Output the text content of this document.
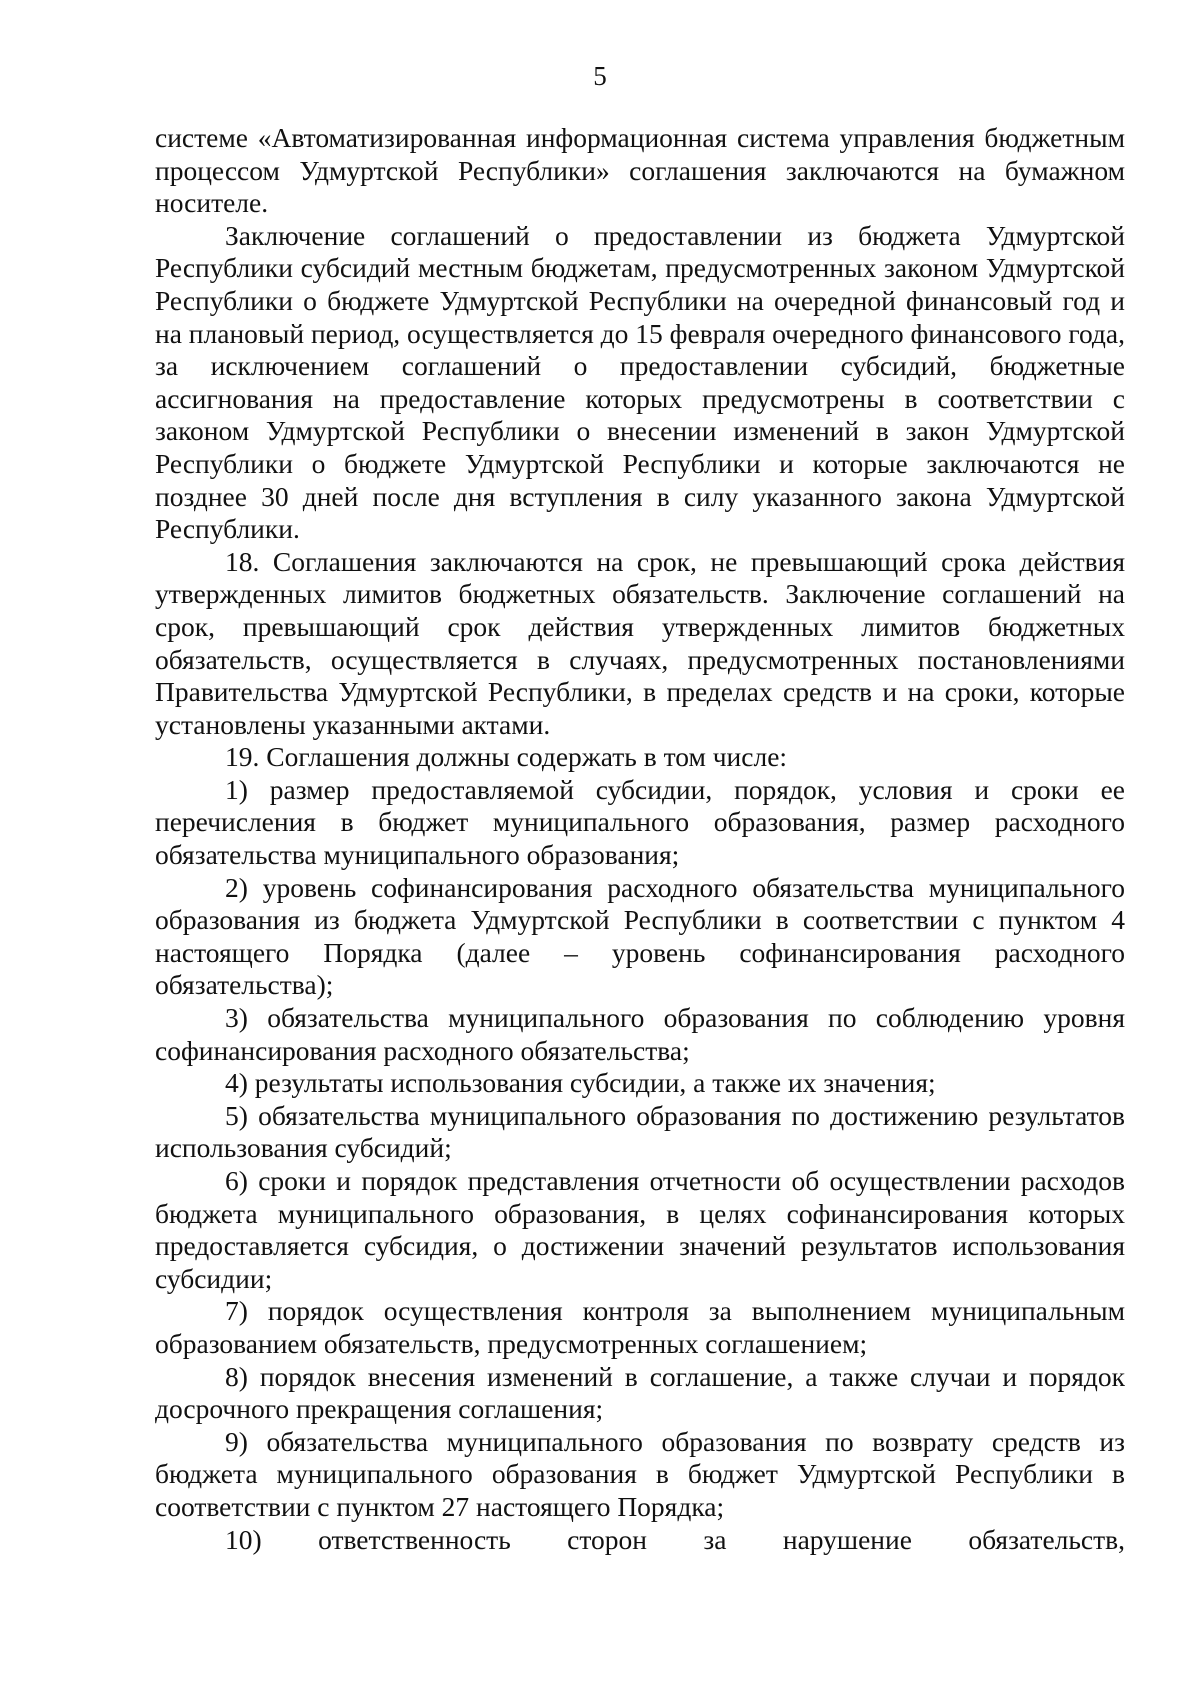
5

системе «Автоматизированная информационная система управления бюджетным процессом Удмуртской Республики» соглашения заключаются на бумажном носителе.

Заключение соглашений о предоставлении из бюджета Удмуртской Республики субсидий местным бюджетам, предусмотренных законом Удмуртской Республики о бюджете Удмуртской Республики на очередной финансовый год и на плановый период, осуществляется до 15 февраля очередного финансового года, за исключением соглашений о предоставлении субсидий, бюджетные ассигнования на предоставление которых предусмотрены в соответствии с законом Удмуртской Республики о внесении изменений в закон Удмуртской Республики о бюджете Удмуртской Республики и которые заключаются не позднее 30 дней после дня вступления в силу указанного закона Удмуртской Республики.

18. Соглашения заключаются на срок, не превышающий срока действия утвержденных лимитов бюджетных обязательств. Заключение соглашений на срок, превышающий срок действия утвержденных лимитов бюджетных обязательств, осуществляется в случаях, предусмотренных постановлениями Правительства Удмуртской Республики, в пределах средств и на сроки, которые установлены указанными актами.

19. Соглашения должны содержать в том числе:

1) размер предоставляемой субсидии, порядок, условия и сроки ее перечисления в бюджет муниципального образования, размер расходного обязательства муниципального образования;

2) уровень софинансирования расходного обязательства муниципального образования из бюджета Удмуртской Республики в соответствии с пунктом 4 настоящего Порядка (далее – уровень софинансирования расходного обязательства);

3) обязательства муниципального образования по соблюдению уровня софинансирования расходного обязательства;

4) результаты использования субсидии, а также их значения;

5) обязательства муниципального образования по достижению результатов использования субсидий;

6) сроки и порядок представления отчетности об осуществлении расходов бюджета муниципального образования, в целях софинансирования которых предоставляется субсидия, о достижении значений результатов использования субсидии;

7) порядок осуществления контроля за выполнением муниципальным образованием обязательств, предусмотренных соглашением;

8) порядок внесения изменений в соглашение, а также случаи и порядок досрочного прекращения соглашения;

9) обязательства муниципального образования по возврату средств из бюджета муниципального образования в бюджет Удмуртской Республики в соответствии с пунктом 27 настоящего Порядка;

10) ответственность сторон за нарушение обязательств,
